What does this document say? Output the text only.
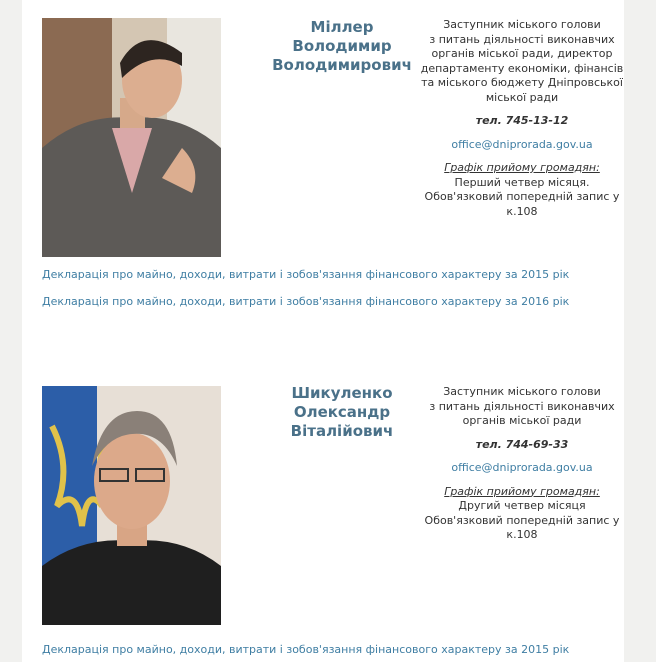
Міллер
Володимир
Володимирович
Заступник міського голови
з питань діяльності виконавчих
органів міської ради, директор
департаменту економіки, фінансів
та міського бюджету Дніпровської
міської ради
тел. 745-13-12
office@dniprorada.gov.ua
Графік прийому громадян:
Перший четвер місяця.
Обов'язковий попередній запис у
к.108
Декларація про майно, доходи, витрати і зобов'язання фінансового характеру за 2015 рік
Декларація про майно, доходи, витрати і зобов'язання фінансового характеру за 2016 рік
Шикуленко
Олександр
Віталійович
Заступник міського голови
з питань діяльності виконавчих
органів міської ради
тел. 744-69-33
office@dniprorada.gov.ua
Графік прийому громадян:
Другий четвер місяця
Обов'язковий попередній запис у
к.108
Декларація про майно, доходи, витрати і зобов'язання фінансового характеру за 2015 рік
